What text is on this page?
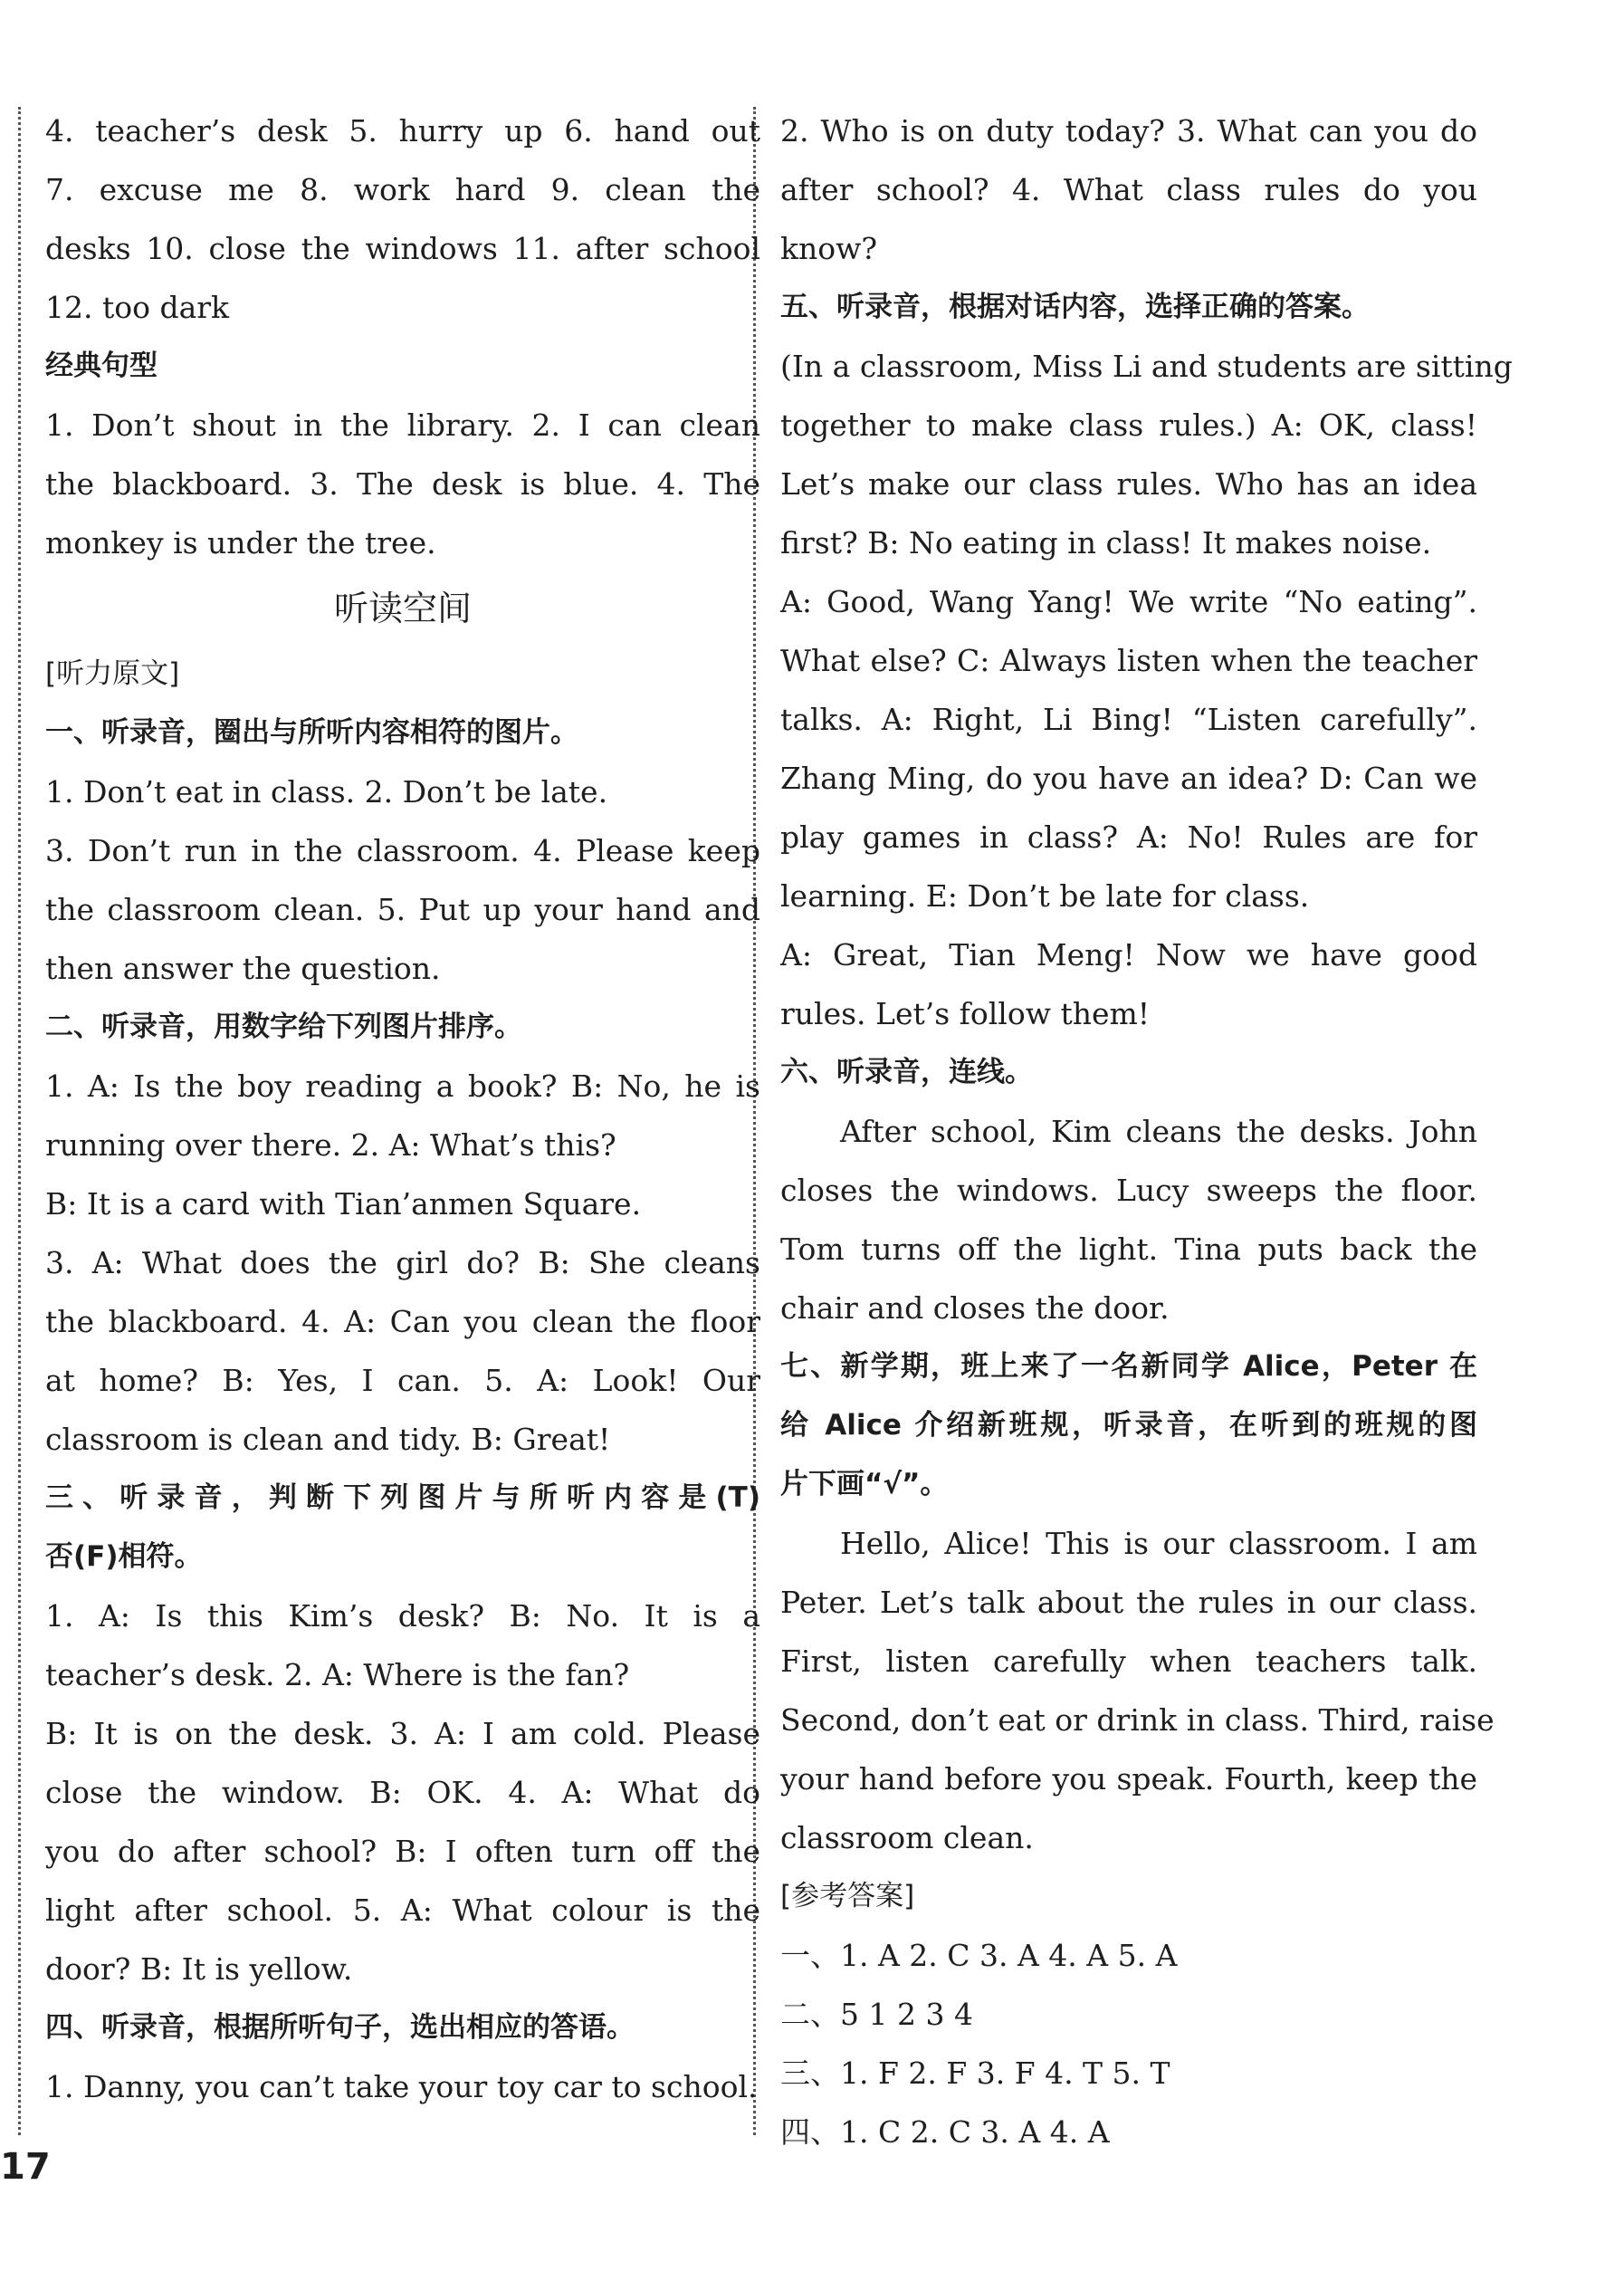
4. teacher’s desk 5. hurry up 6. hand out
7. excuse me 8. work hard 9. clean the
desks 10. close the windows 11. after school
12. too dark
经典句型
1. Don’t shout in the library. 2. I can clean
the blackboard. 3. The desk is blue. 4. The
monkey is under the tree.
听读空间
[听力原文]
一、听录音，圈出与所听内容相符的图片。
1. Don’t eat in class. 2. Don’t be late.
3. Don’t run in the classroom. 4. Please keep
the classroom clean. 5. Put up your hand and
then answer the question.
二、听录音，用数字给下列图片排序。
1. A: Is the boy reading a book? B: No, he is
running over there. 2. A: What’s this?
B: It is a card with Tian’anmen Square.
3. A: What does the girl do? B: She cleans
the blackboard. 4. A: Can you clean the floor
at home? B: Yes, I can. 5. A: Look! Our
classroom is clean and tidy. B: Great!
三、听录音，判断下列图片与所听内容是(T)
否(F)相符。
1. A: Is this Kim’s desk? B: No. It is a
teacher’s desk. 2. A: Where is the fan?
B: It is on the desk. 3. A: I am cold. Please
close the window. B: OK. 4. A: What do
you do after school? B: I often turn off the
light after school. 5. A: What colour is the
door? B: It is yellow.
四、听录音，根据所听句子，选出相应的答语。
1. Danny, you can’t take your toy car to school.
2. Who is on duty today? 3. What can you do
after school? 4. What class rules do you
know?
五、听录音，根据对话内容，选择正确的答案。
(In a classroom, Miss Li and students are sitting
together to make class rules.) A: OK, class!
Let’s make our class rules. Who has an idea
first? B: No eating in class! It makes noise.
A: Good, Wang Yang! We write “No eating”.
What else? C: Always listen when the teacher
talks. A: Right, Li Bing! “Listen carefully”.
Zhang Ming, do you have an idea? D: Can we
play games in class? A: No! Rules are for
learning. E: Don’t be late for class.
A: Great, Tian Meng! Now we have good
rules. Let’s follow them!
六、听录音，连线。
After school, Kim cleans the desks. John
closes the windows. Lucy sweeps the floor.
Tom turns off the light. Tina puts back the
chair and closes the door.
七、新学期，班上来了一名新同学 Alice，Peter 在
给 Alice 介绍新班规，听录音，在听到的班规的图
片下画“√”。
Hello, Alice! This is our classroom. I am
Peter. Let’s talk about the rules in our class.
First, listen carefully when teachers talk.
Second, don’t eat or drink in class. Third, raise
your hand before you speak. Fourth, keep the
classroom clean.
[参考答案]
一、1. A 2. C 3. A 4. A 5. A
二、5 1 2 3 4
三、1. F 2. F 3. F 4. T 5. T
四、1. C 2. C 3. A 4. A
17
